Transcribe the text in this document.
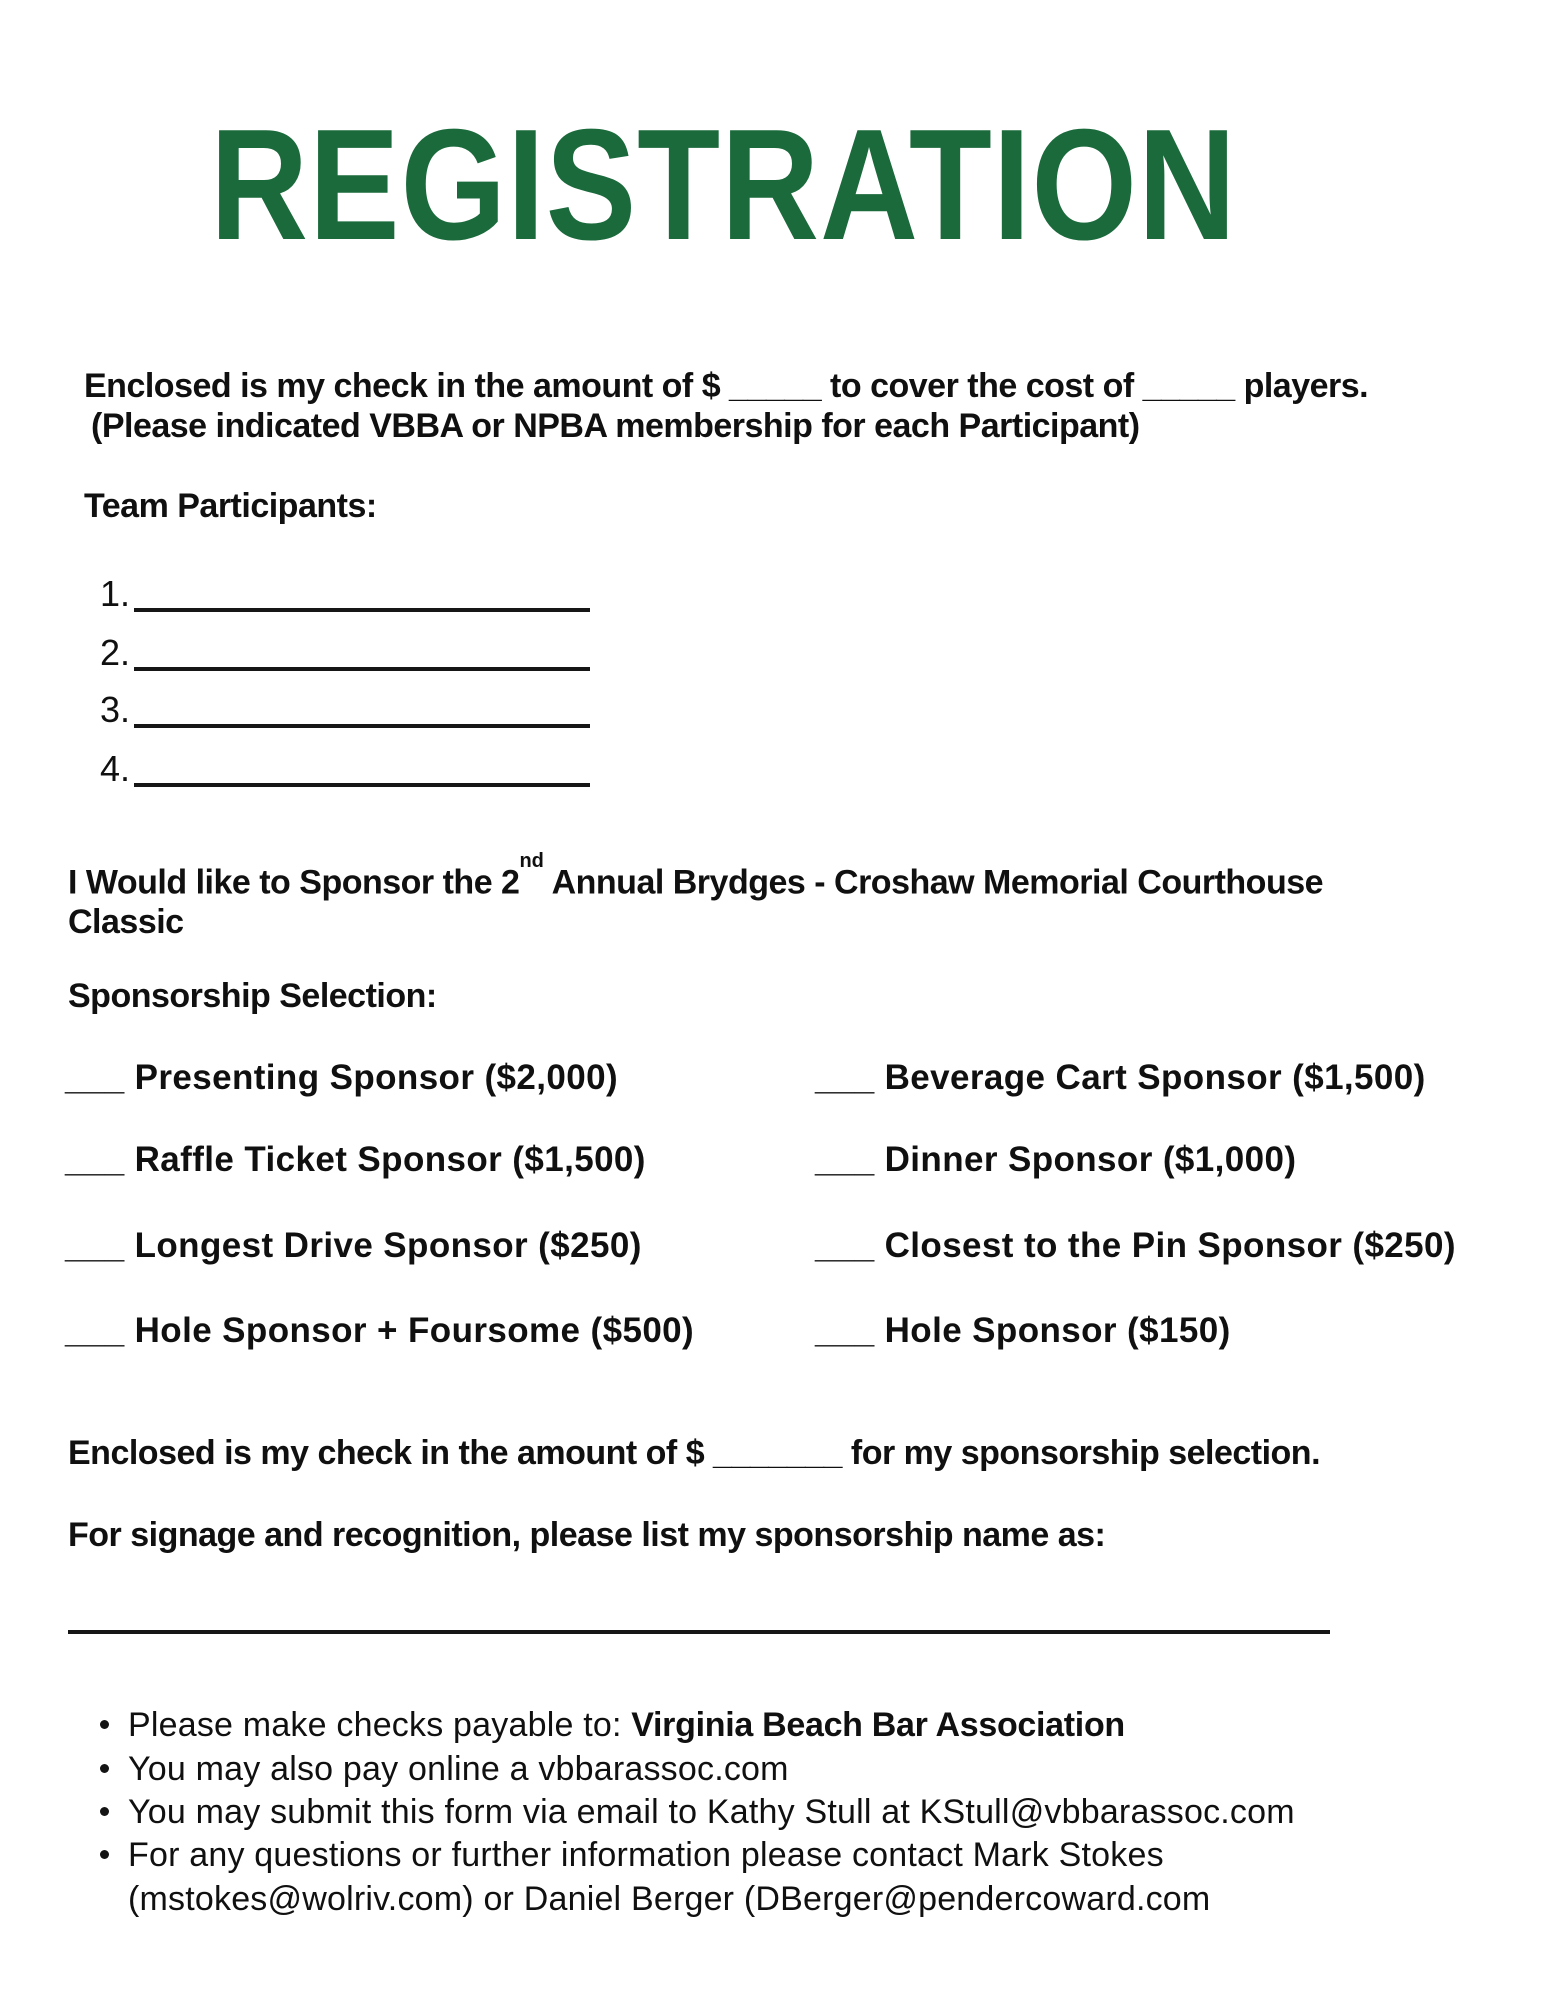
REGISTRATION
Enclosed is my check in the amount of $ _____ to cover the cost of _____ players.
(Please indicated VBBA or NPBA membership for each Participant)
Team Participants:
1.
2.
3.
4.
I Would like to Sponsor the 2nd Annual Brydges - Croshaw Memorial Courthouse
Classic
Sponsorship Selection:
___ Presenting Sponsor ($2,000)
___ Raffle Ticket Sponsor ($1,500)
___ Longest Drive Sponsor ($250)
___ Hole Sponsor + Foursome ($500)
___ Beverage Cart Sponsor ($1,500)
___ Dinner Sponsor ($1,000)
___ Closest to the Pin Sponsor ($250)
___ Hole Sponsor ($150)
Enclosed is my check in the amount of $ _______ for my sponsorship selection.
For signage and recognition, please list my sponsorship name as:
Please make checks payable to: Virginia Beach Bar Association
You may also pay online a vbbarassoc.com
You may submit this form via email to Kathy Stull at KStull@vbbarassoc.com
For any questions or further information please contact Mark Stokes
(mstokes@wolriv.com) or Daniel Berger (DBerger@pendercoward.com
